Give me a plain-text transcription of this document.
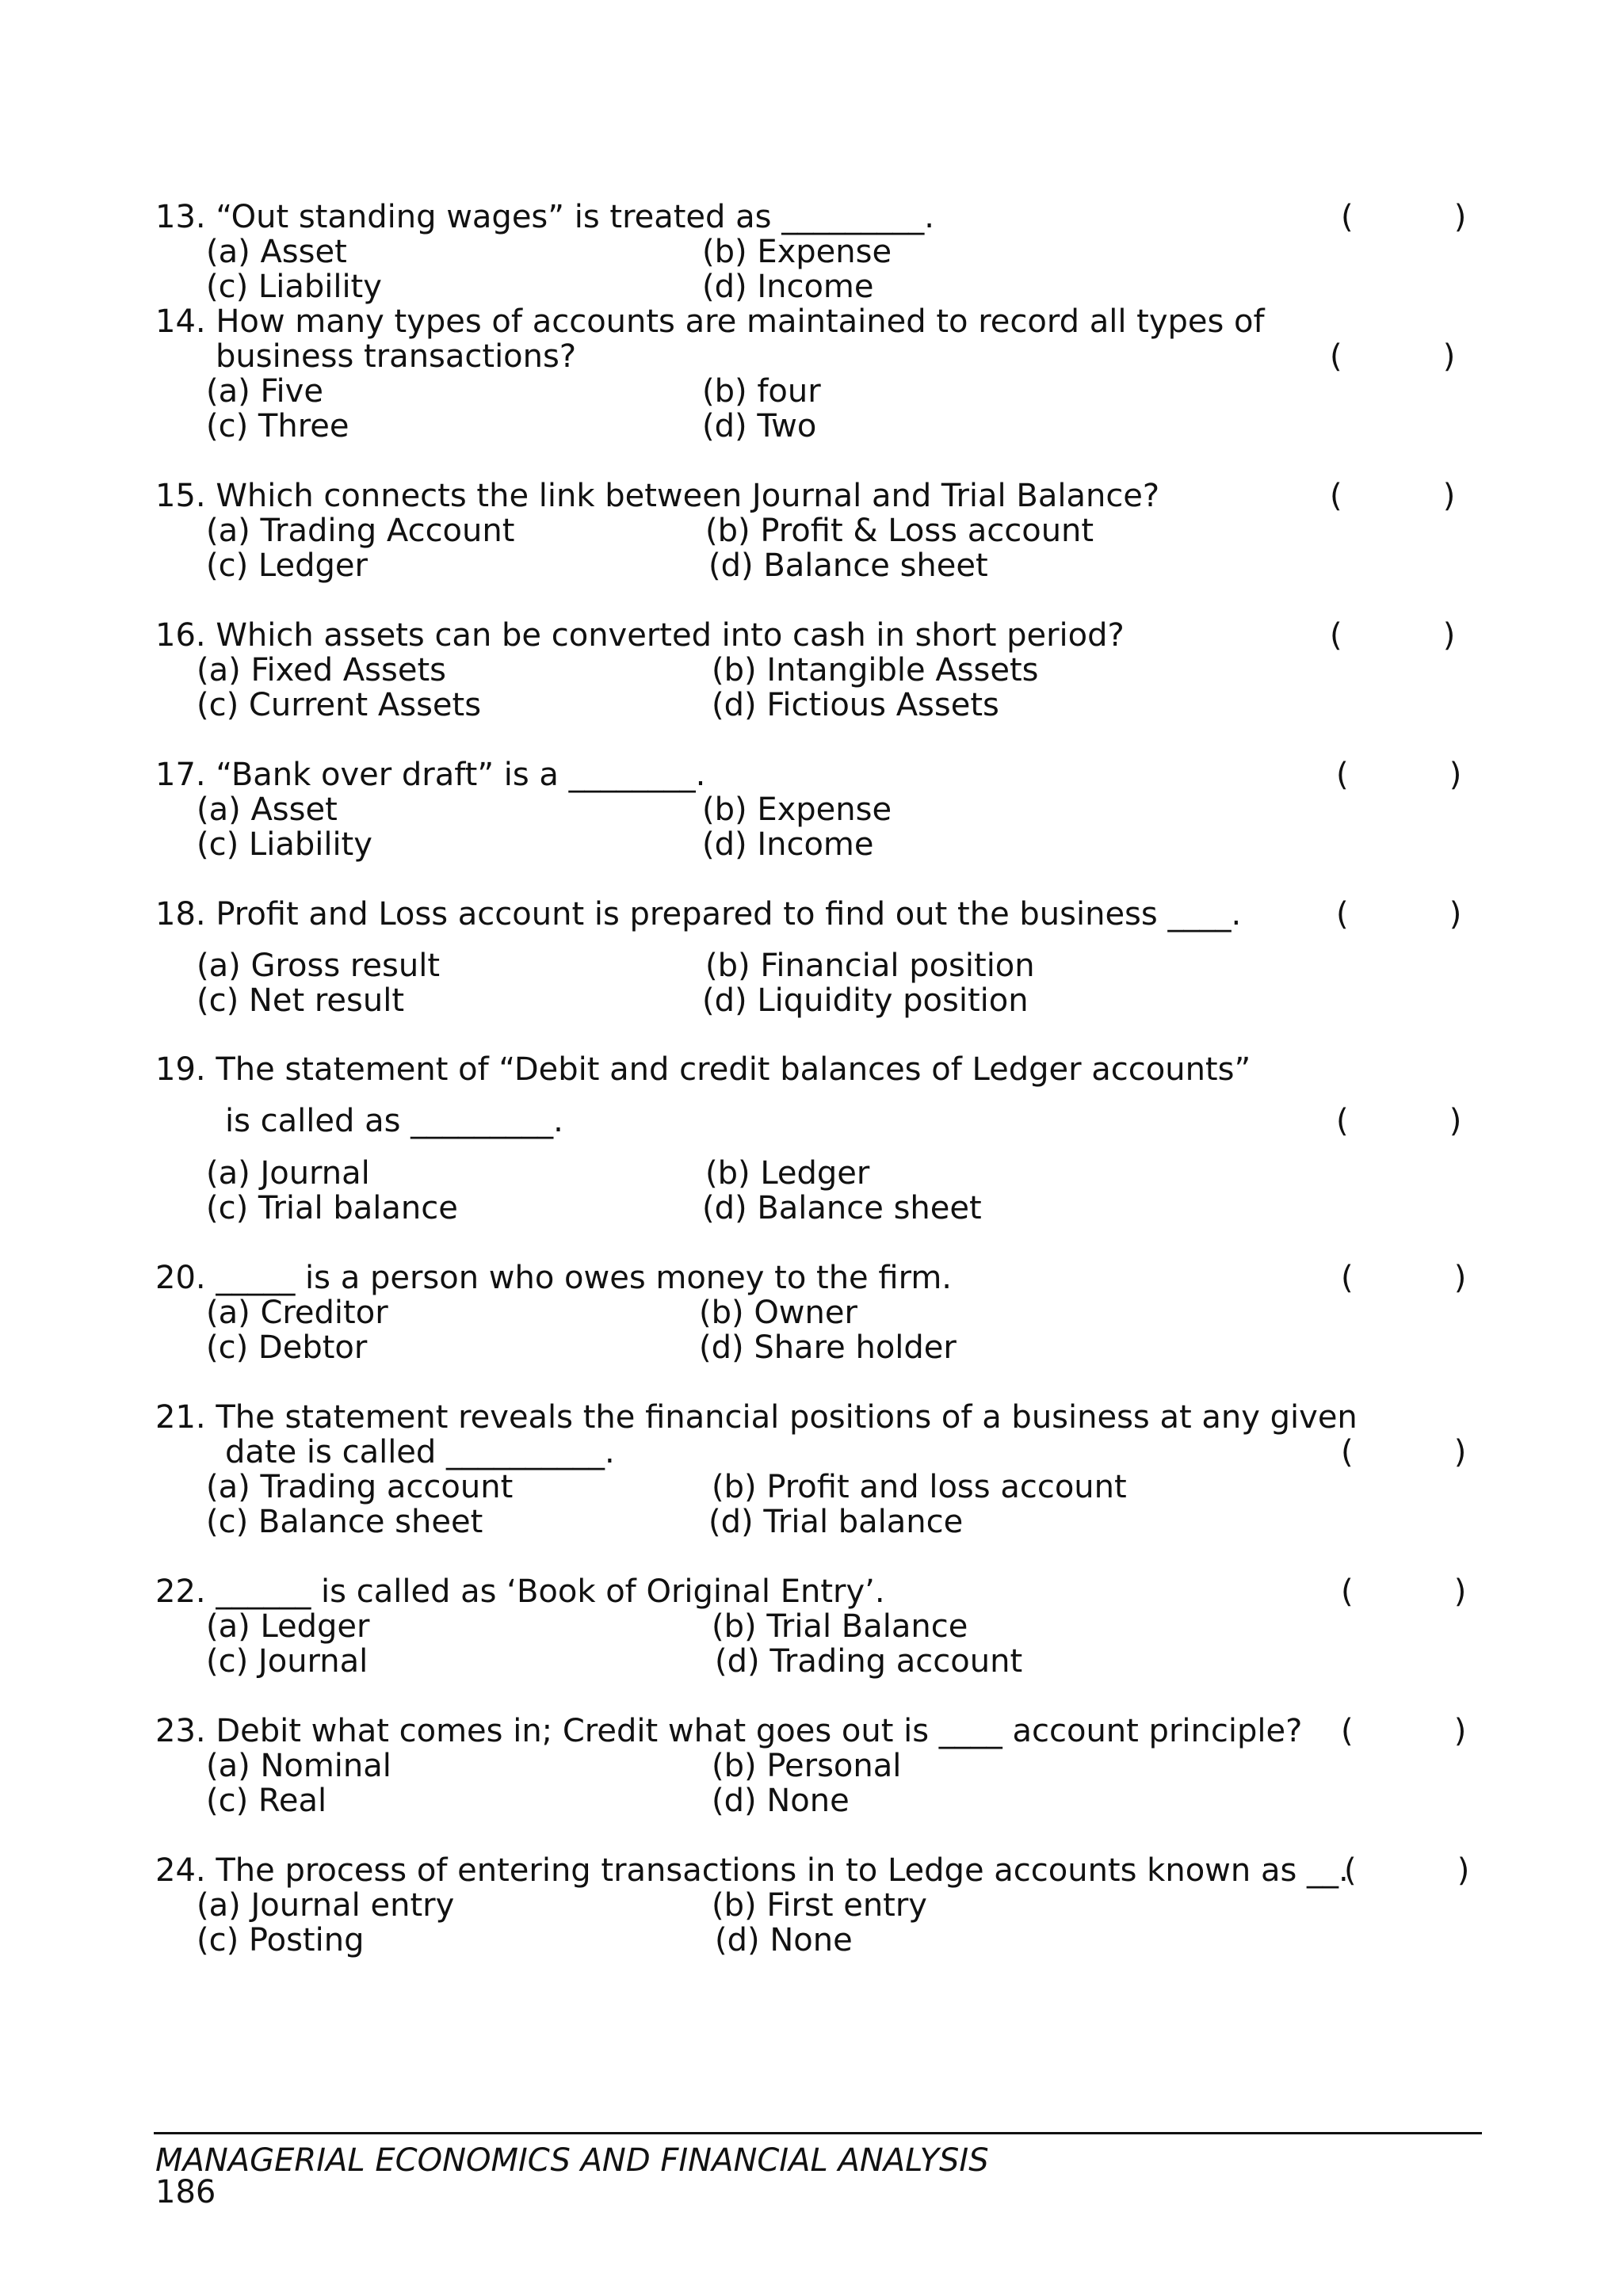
13. “Out standing wages” is treated as _________.	(          )
(a) Asset	(b) Expense
(c) Liability	(d) Income
14. How many types of accounts are maintained to record all types of
business transactions?	(          )
(a) Five	(b) four
(c) Three	(d) Two
15. Which connects the link between Journal and Trial Balance?	(          )
(a) Trading Account	(b) Profit & Loss account
(c) Ledger	(d) Balance sheet
16. Which assets can be converted into cash in short period?	(          )
(a) Fixed Assets	(b) Intangible Assets
(c) Current Assets	(d) Fictious Assets
17. “Bank over draft” is a ________.	(          )
(a) Asset	(b) Expense
(c) Liability	(d) Income
18. Profit and Loss account is prepared to find out the business ____.	(          )
(a) Gross result	(b) Financial position
(c) Net result	(d) Liquidity position
19. The statement of “Debit and credit balances of Ledger accounts”
is called as _________.	(          )
(a) Journal	(b) Ledger
(c) Trial balance	(d) Balance sheet
20. _____ is a person who owes money to the firm.	(          )
(a) Creditor	(b) Owner
(c) Debtor	(d) Share holder
21. The statement reveals the financial positions of a business at any given
date is called __________.	(          )
(a) Trading account	(b) Profit and loss account
(c) Balance sheet	(d) Trial balance
22. ______ is called as ‘Book of Original Entry’.	(          )
(a) Ledger	(b) Trial Balance
(c) Journal	(d) Trading account
23. Debit what comes in; Credit what goes out is ____ account principle? (          )
(a) Nominal	(b) Personal
(c) Real	(d) None
24. The process of entering transactions in to Ledge accounts known as __.
(          )
(a) Journal entry	(b) First entry
(c) Posting	(d) None
MANAGERIAL ECONOMICS AND FINANCIAL ANALYSIS
186
